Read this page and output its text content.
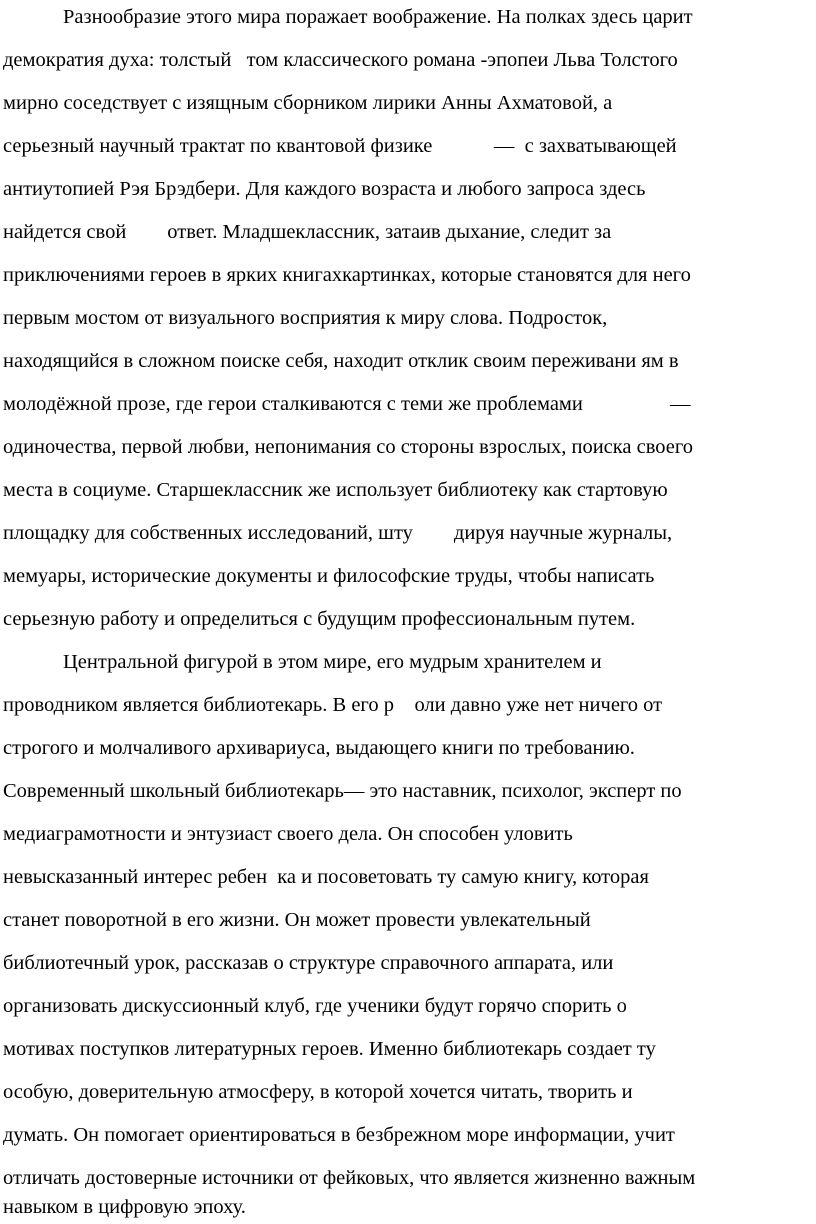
Разнообразие этого мира поражает воображение. На полках здесь царит
демократия духа: толстый   том классического романа -эпопеи Льва Толстого
мирно соседствует с изящным сборником лирики Анны Ахматовой, а
серьезный научный трактат по квантовой физике            —  с захватывающей
антиутопией Рэя Брэдбери. Для каждого возраста и любого запроса здесь
найдется свой        ответ. Младшеклассник, затаив дыхание, следит за
приключениями героев в ярких книгахкартинках, которые становятся для него
первым мостом от визуального восприятия к миру слова. Подросток,
находящийся в сложном поиске себя, находит отклик своим переживани ям в
молодёжной прозе, где герои сталкиваются с теми же проблемами                 —
одиночества, первой любви, непонимания со стороны взрослых, поиска своего
места в социуме. Старшеклассник же использует библиотеку как стартовую
площадку для собственных исследований, шту        дируя научные журналы,
мемуары, исторические документы и философские труды, чтобы написать
серьезную работу и определиться с будущим профессиональным путем.
Центральной фигурой в этом мире, его мудрым хранителем и
проводником является библиотекарь. В его р    оли давно уже нет ничего от
строгого и молчаливого архивариуса, выдающего книги по требованию.
Современный школьный библиотекарь— это наставник, психолог, эксперт по
медиаграмотности и энтузиаст своего дела. Он способен уловить
невысказанный интерес ребен  ка и посоветовать ту самую книгу, которая
станет поворотной в его жизни. Он может провести увлекательный
библиотечный урок, рассказав о структуре справочного аппарата, или
организовать дискуссионный клуб, где ученики будут горячо спорить о
мотивах поступков литературных героев. Именно библиотекарь создает ту
особую, доверительную атмосферу, в которой хочется читать, творить и
думать. Он помогает ориентироваться в безбрежном море информации, учит
отличать достоверные источники от фейковых, что является жизненно важным
навыком в цифровую эпоху.
